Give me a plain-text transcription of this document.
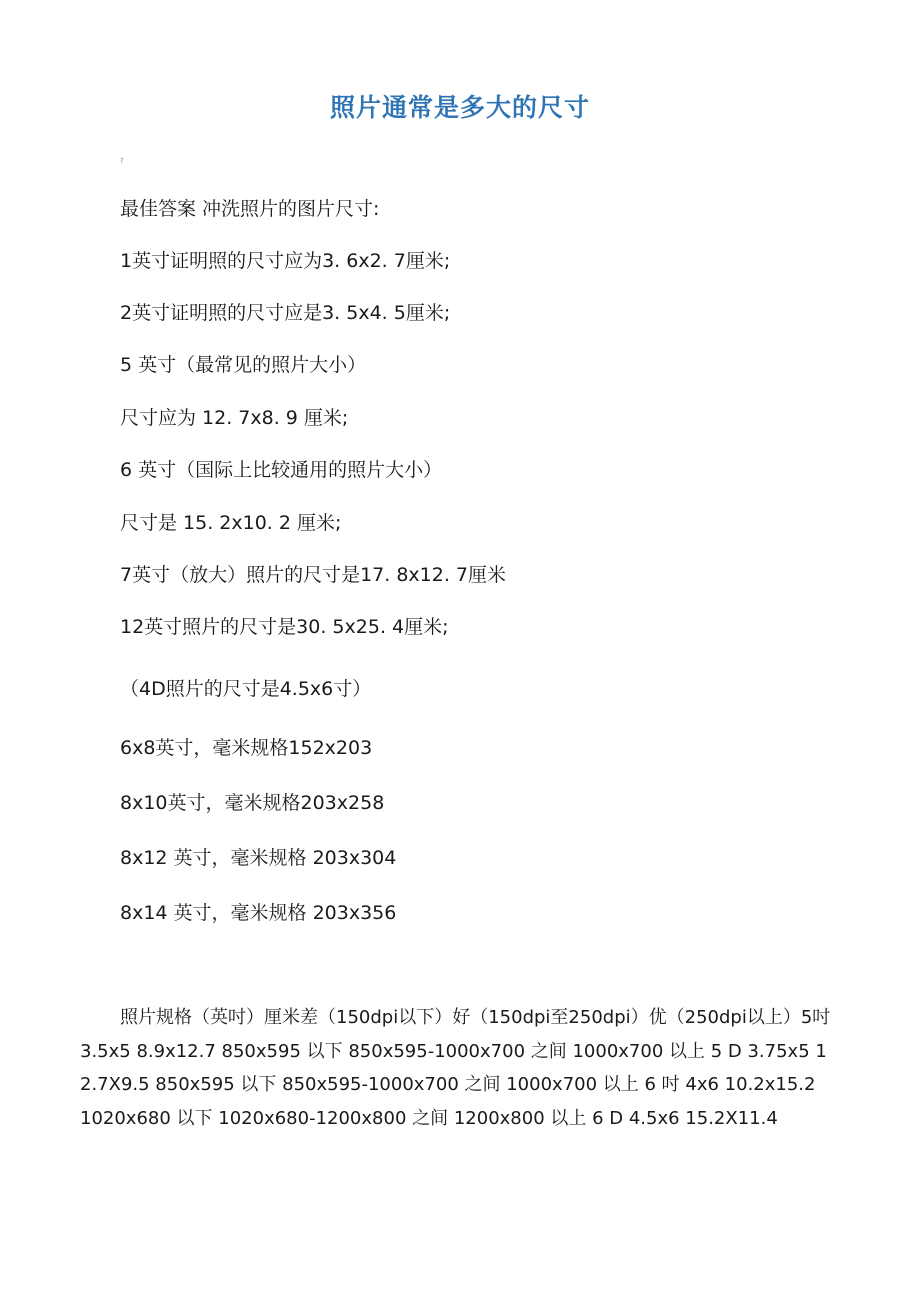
照片通常是多大的尺寸
?
最佳答案 冲洗照片的图片尺寸:
1英寸证明照的尺寸应为3. 6x2. 7厘米;
2英寸证明照的尺寸应是3. 5x4. 5厘米;
5 英寸（最常见的照片大小）
尺寸应为 12. 7x8. 9 厘米;
6 英寸（国际上比较通用的照片大小）
尺寸是 15. 2x10. 2 厘米;
7英寸（放大）照片的尺寸是17. 8x12. 7厘米
12英寸照片的尺寸是30. 5x25. 4厘米;
（4D照片的尺寸是4.5x6寸）
6x8英寸，毫米规格152x203
8x10英寸，毫米规格203x258
8x12 英寸，毫米规格 203x304
8x14 英寸，毫米规格 203x356
照片规格（英吋）厘米差（150dpi以下）好（150dpi至250dpi）优（250dpi以上）5吋 3.5x5 8.9x12.7 850x595 以下 850x595-1000x700 之间 1000x700 以上 5 D 3.75x5 12.7X9.5 850x595 以下 850x595-1000x700 之间 1000x700 以上 6 吋 4x6 10.2x15.2 1020x680 以下 1020x680-1200x800 之间 1200x800 以上 6 D 4.5x6 15.2X11.4
